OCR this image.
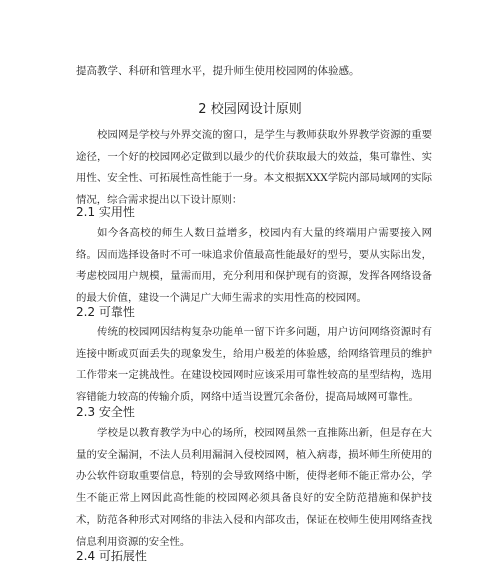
提高教学、科研和管理水平，提升师生使用校园网的体验感。
2 校园网设计原则

校园网是学校与外界交流的窗口，是学生与教师获取外界教学资源的重要途径，一个好的校园网必定做到以最少的代价获取最大的效益，集可靠性、实用性、安全性、可拓展性高性能于一身。本文根据XXX学院内部局域网的实际情况，综合需求提出以下设计原则：

2.1 实用性

如今各高校的师生人数日益增多，校园内有大量的终端用户需要接入网络。因而选择设备时不可一味追求价值最高性能最好的型号，要从实际出发，考虑校园用户规模，量需而用，充分利用和保护现有的资源，发挥各网络设备的最大价值，建设一个满足广大师生需求的实用性高的校园网。

2.2 可靠性

传统的校园网因结构复杂功能单一留下许多问题，用户访问网络资源时有连接中断或页面丢失的现象发生，给用户极差的体验感，给网络管理员的维护工作带来一定挑战性。在建设校园网时应该采用可靠性较高的星型结构，选用容错能力较高的传输介质，网络中适当设置冗余备份，提高局域网可靠性。

2.3 安全性

学校是以教育教学为中心的场所，校园网虽然一直推陈出新，但是存在大量的安全漏洞，不法人员利用漏洞入侵校园网，植入病毒，损坏师生所使用的办公软件窃取重要信息，特别的会导致网络中断，使得老师不能正常办公，学生不能正常上网因此高性能的校园网必须具备良好的安全防范措施和保护技术，防范各种形式对网络的非法入侵和内部攻击，保证在校师生使用网络查找信息利用资源的安全性。

2.4 可拓展性
